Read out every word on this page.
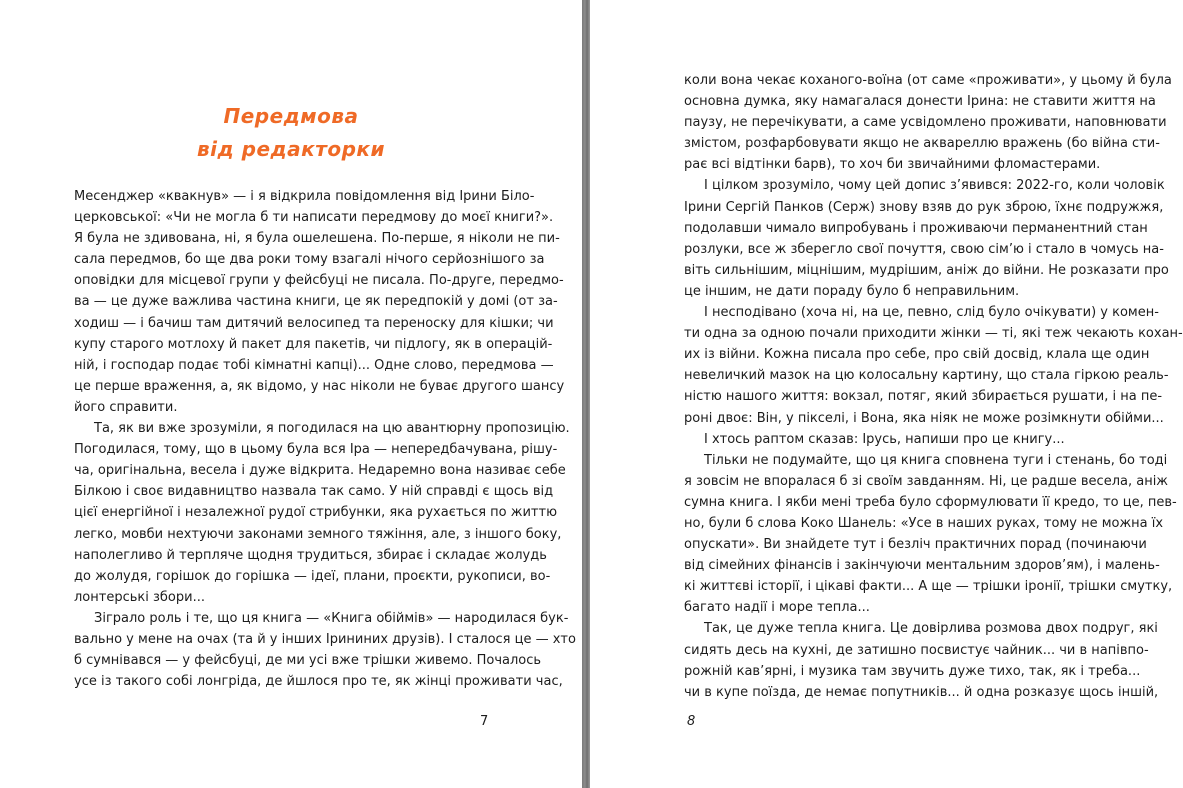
Передмова
від редакторки
Месенджер «квакнув» — і я відкрила повідомлення від Ірини Біло-
церковської: «Чи не могла б ти написати передмову до моєї книги?».
Я була не здивована, ні, я була ошелешена. По-перше, я ніколи не пи-
сала передмов, бо ще два роки тому взагалі нічого серйознішого за
оповідки для місцевої групи у фейсбуці не писала. По-друге, передмо-
ва — це дуже важлива частина книги, це як передпокій у домі (от за-
ходиш — і бачиш там дитячий велосипед та переноску для кішки; чи
купу старого мотлоху й пакет для пакетів, чи підлогу, як в операцій-
ній, і господар подає тобі кімнатні капці)... Одне слово, передмова —
це перше враження, а, як відомо, у нас ніколи не буває другого шансу
його справити.
Та, як ви вже зрозуміли, я погодилася на цю авантюрну пропозицію.
Погодилася, тому, що в цьому була вся Іра — непередбачувана, рішу-
ча, оригінальна, весела і дуже відкрита. Недаремно вона називає себе
Білкою і своє видавництво назвала так само. У ній справді є щось від
цієї енергійної і незалежної рудої стрибунки, яка рухається по життю
легко, мовби нехтуючи законами земного тяжіння, але, з іншого боку,
наполегливо й терпляче щодня трудиться, збирає і складає жолудь
до жолудя, горішок до горішка — ідеї, плани, проєкти, рукописи, во-
лонтерські збори...
Зіграло роль і те, що ця книга — «Книга обіймів» — народилася бук-
вально у мене на очах (та й у інших Ірининих друзів). І сталося це — хто
б сумнівався — у фейсбуці, де ми усі вже трішки живемо. Почалось
усе із такого собі лонгріда, де йшлося про те, як жінці проживати час,
7
коли вона чекає коханого-воїна (от саме «проживати», у цьому й була
основна думка, яку намагалася донести Ірина: не ставити життя на
паузу, не перечікувати, а саме усвідомлено проживати, наповнювати
змістом, розфарбовувати якщо не аквареллю вражень (бо війна сти-
рає всі відтінки барв), то хоч би звичайними фломастерами.
І цілком зрозуміло, чому цей допис з’явився: 2022-го, коли чоловік
Ірини Сергій Панков (Серж) знову взяв до рук зброю, їхнє подружжя,
подолавши чимало випробувань і проживаючи перманентний стан
розлуки, все ж зберегло свої почуття, свою сім’ю і стало в чомусь на-
віть сильнішим, міцнішим, мудрішим, аніж до війни. Не розказати про
це іншим, не дати пораду було б неправильним.
І несподівано (хоча ні, на це, певно, слід було очікувати) у комен-
ти одна за одною почали приходити жінки — ті, які теж чекають кохан-
их із війни. Кожна писала про себе, про свій досвід, клала ще один
невеличкий мазок на цю колосальну картину, що стала гіркою реаль-
ністю нашого життя: вокзал, потяг, який збирається рушати, і на пе-
роні двоє: Він, у пікселі, і Вона, яка ніяк не може розімкнути обійми...
І хтось раптом сказав: Ірусь, напиши про це книгу...
Тільки не подумайте, що ця книга сповнена туги і стенань, бо тоді
я зовсім не впоралася б зі своїм завданням. Ні, це радше весела, аніж
сумна книга. І якби мені треба було сформулювати її кредо, то це, пев-
но, були б слова Коко Шанель: «Усе в наших руках, тому не можна їх
опускати». Ви знайдете тут і безліч практичних порад (починаючи
від сімейних фінансів і закінчуючи ментальним здоров’ям), і малень-
кі життєві історії, і цікаві факти... А ще — трішки іронії, трішки смутку,
багато надії і море тепла...
Так, це дуже тепла книга. Це довірлива розмова двох подруг, які
сидять десь на кухні, де затишно посвистує чайник... чи в напівпо-
рожній кав’ярні, і музика там звучить дуже тихо, так, як і треба...
чи в купе поїзда, де немає попутників... й одна розказує щось іншій,
8
